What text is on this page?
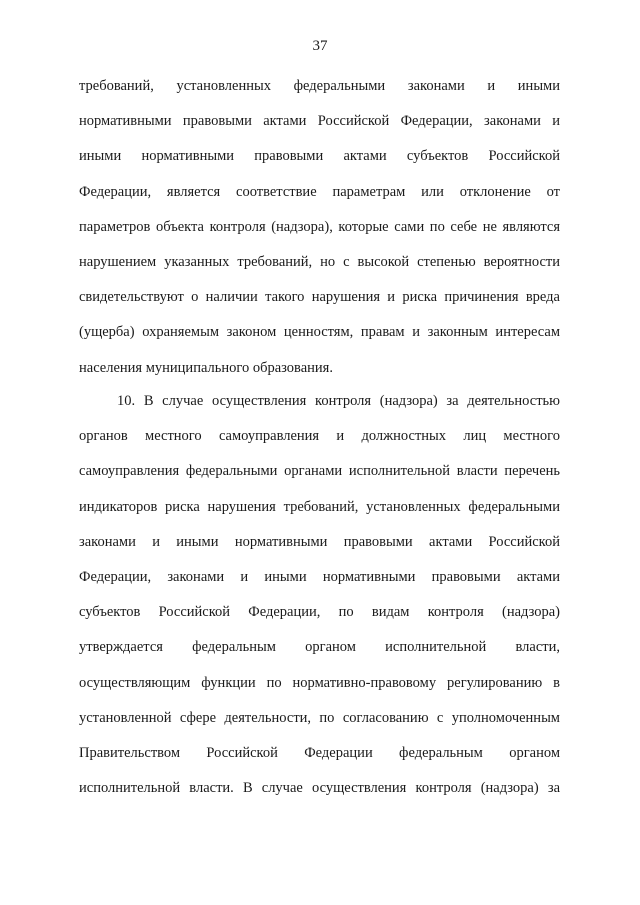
37
требований, установленных федеральными законами и иными
нормативными правовыми актами Российской Федерации, законами и
иными нормативными правовыми актами субъектов Российской
Федерации, является соответствие параметрам или отклонение от
параметров объекта контроля (надзора), которые сами по себе не являются
нарушением указанных требований, но с высокой степенью вероятности
свидетельствуют о наличии такого нарушения и риска причинения вреда
(ущерба) охраняемым законом ценностям, правам и законным интересам
населения муниципального образования.
10. В случае осуществления контроля (надзора) за деятельностью
органов местного самоуправления и должностных лиц местного
самоуправления федеральными органами исполнительной власти перечень
индикаторов риска нарушения требований, установленных федеральными
законами и иными нормативными правовыми актами Российской
Федерации, законами и иными нормативными правовыми актами
субъектов Российской Федерации, по видам контроля (надзора)
утверждается федеральным органом исполнительной власти,
осуществляющим функции по нормативно-правовому регулированию в
установленной сфере деятельности, по согласованию с уполномоченным
Правительством Российской Федерации федеральным органом
исполнительной власти. В случае осуществления контроля (надзора) за
